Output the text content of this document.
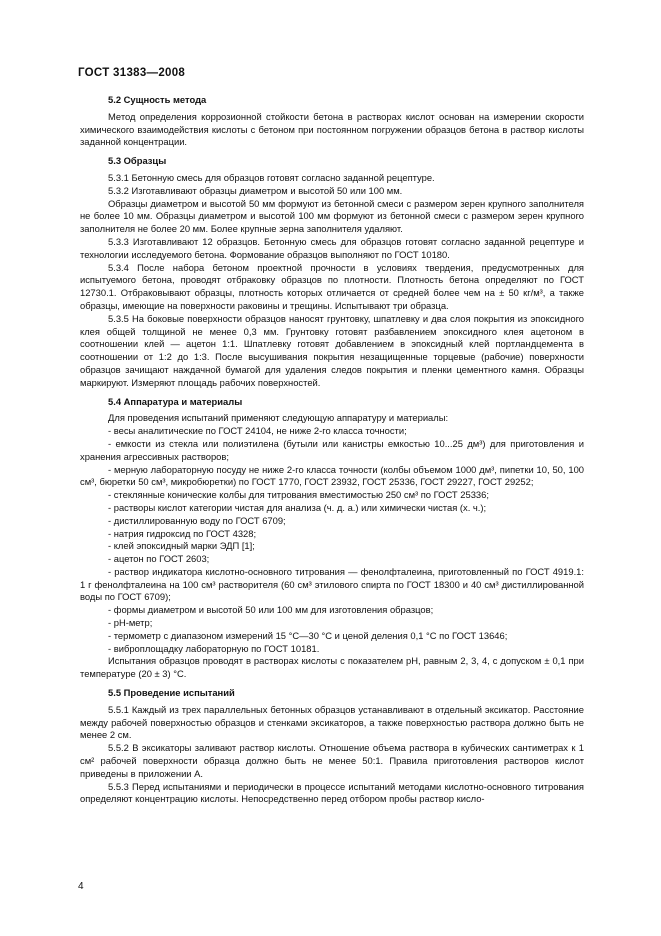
ГОСТ 31383—2008
5.2 Сущность метода
Метод определения коррозионной стойкости бетона в растворах кислот основан на измерении скорости химического взаимодействия кислоты с бетоном при постоянном погружении образцов бетона в раствор кислоты заданной концентрации.
5.3 Образцы
5.3.1 Бетонную смесь для образцов готовят согласно заданной рецептуре.
5.3.2 Изготавливают образцы диаметром и высотой 50 или 100 мм.
Образцы диаметром и высотой 50 мм формуют из бетонной смеси с размером зерен крупного заполнителя не более 10 мм. Образцы диаметром и высотой 100 мм формуют из бетонной смеси с размером зерен крупного заполнителя не более 20 мм. Более крупные зерна заполнителя удаляют.
5.3.3 Изготавливают 12 образцов. Бетонную смесь для образцов готовят согласно заданной рецептуре и технологии исследуемого бетона. Формование образцов выполняют по ГОСТ 10180.
5.3.4 После набора бетоном проектной прочности в условиях твердения, предусмотренных для испытуемого бетона, проводят отбраковку образцов по плотности. Плотность бетона определяют по ГОСТ 12730.1. Отбраковывают образцы, плотность которых отличается от средней более чем на ± 50 кг/м³, а также образцы, имеющие на поверхности раковины и трещины. Испытывают три образца.
5.3.5 На боковые поверхности образцов наносят грунтовку, шпатлевку и два слоя покрытия из эпоксидного клея общей толщиной не менее 0,3 мм. Грунтовку готовят разбавлением эпоксидного клея ацетоном в соотношении клей — ацетон 1:1. Шпатлевку готовят добавлением в эпоксидный клей портландцемента в соотношении от 1:2 до 1:3. После высушивания покрытия незащищенные торцевые (рабочие) поверхности образцов зачищают наждачной бумагой для удаления следов покрытия и пленки цементного камня. Образцы маркируют. Измеряют площадь рабочих поверхностей.
5.4 Аппаратура и материалы
Для проведения испытаний применяют следующую аппаратуру и материалы:
- весы аналитические по ГОСТ 24104, не ниже 2-го класса точности;
- емкости из стекла или полиэтилена (бутыли или канистры емкостью 10...25 дм³) для приготовления и хранения агрессивных растворов;
- мерную лабораторную посуду не ниже 2-го класса точности (колбы объемом 1000 дм³, пипетки 10, 50, 100 см³, бюретки 50 см³, микробюретки) по ГОСТ 1770, ГОСТ 23932, ГОСТ 25336, ГОСТ 29227, ГОСТ 29252;
- стеклянные конические колбы для титрования вместимостью 250 см³ по ГОСТ 25336;
- растворы кислот категории чистая для анализа (ч. д. а.) или химически чистая (х. ч.);
- дистиллированную воду по ГОСТ 6709;
- натрия гидроксид по ГОСТ 4328;
- клей эпоксидный марки ЭДП [1];
- ацетон по ГОСТ 2603;
- раствор индикатора кислотно-основного титрования — фенолфталеина, приготовленный по ГОСТ 4919.1: 1 г фенолфталеина на 100 см³ растворителя (60 см³ этилового спирта по ГОСТ 18300 и 40 см³ дистиллированной воды по ГОСТ 6709);
- формы диаметром и высотой 50 или 100 мм для изготовления образцов;
- рН-метр;
- термометр с диапазоном измерений 15 °С—30 °С и ценой деления 0,1 °С по ГОСТ 13646;
- виброплощадку лабораторную по ГОСТ 10181.
Испытания образцов проводят в растворах кислоты с показателем рН, равным 2, 3, 4, с допуском ± 0,1 при температуре (20 ± 3) °С.
5.5 Проведение испытаний
5.5.1 Каждый из трех параллельных бетонных образцов устанавливают в отдельный эксикатор. Расстояние между рабочей поверхностью образцов и стенками эксикаторов, а также поверхностью раствора должно быть не менее 2 см.
5.5.2 В эксикаторы заливают раствор кислоты. Отношение объема раствора в кубических сантиметрах к 1 см² рабочей поверхности образца должно быть не менее 50:1. Правила приготовления растворов кислот приведены в приложении А.
5.5.3 Перед испытаниями и периодически в процессе испытаний методами кислотно-основного титрования определяют концентрацию кислоты. Непосредственно перед отбором пробы раствор кисло-
4
